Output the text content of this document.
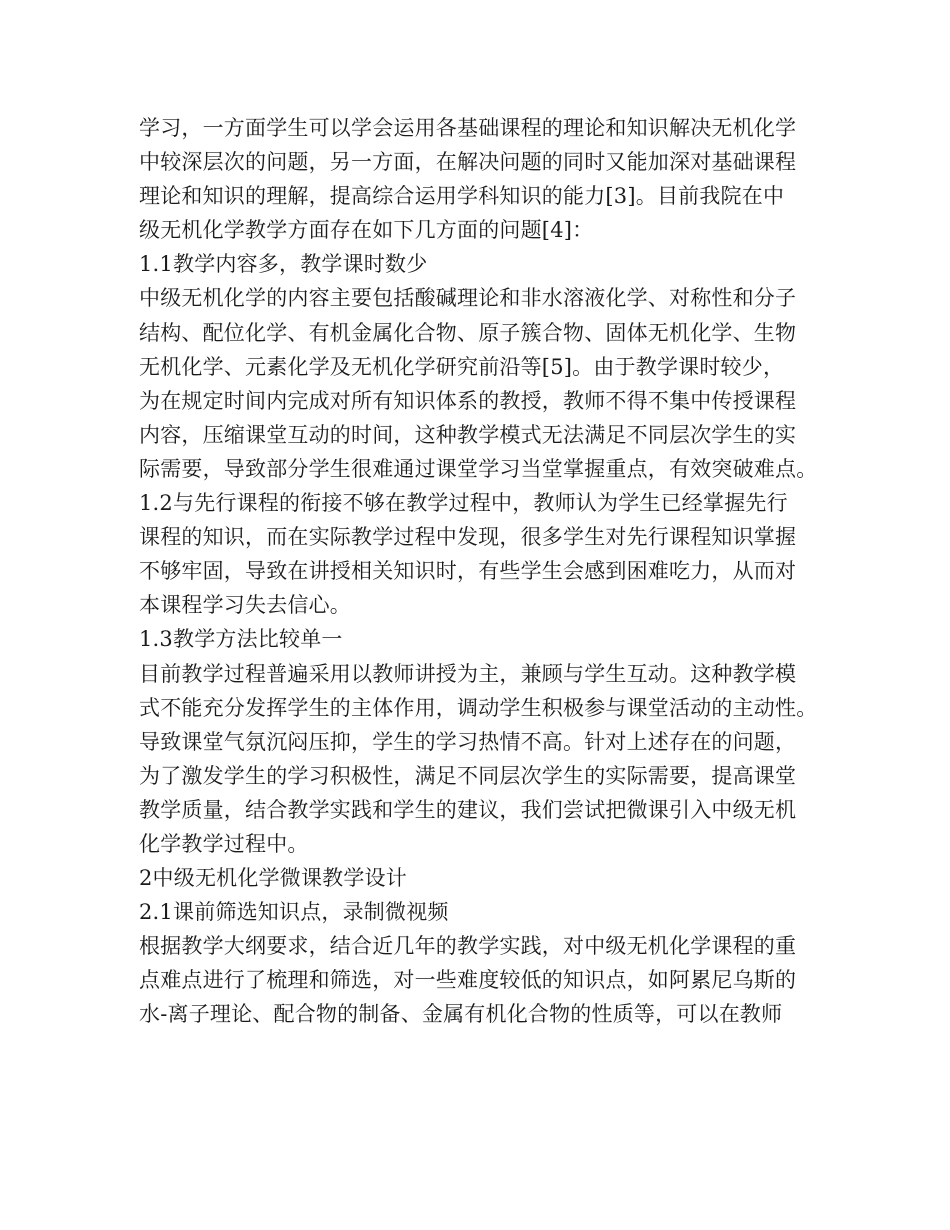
学习，一方面学生可以学会运用各基础课程的理论和知识解决无机化学
中较深层次的问题，另一方面，在解决问题的同时又能加深对基础课程
理论和知识的理解，提高综合运用学科知识的能力[3]。目前我院在中
级无机化学教学方面存在如下几方面的问题[4]：
1.1教学内容多，教学课时数少
中级无机化学的内容主要包括酸碱理论和非水溶液化学、对称性和分子
结构、配位化学、有机金属化合物、原子簇合物、固体无机化学、生物
无机化学、元素化学及无机化学研究前沿等[5]。由于教学课时较少，
为在规定时间内完成对所有知识体系的教授，教师不得不集中传授课程
内容，压缩课堂互动的时间，这种教学模式无法满足不同层次学生的实
际需要，导致部分学生很难通过课堂学习当堂掌握重点，有效突破难点。
1.2与先行课程的衔接不够在教学过程中，教师认为学生已经掌握先行
课程的知识，而在实际教学过程中发现，很多学生对先行课程知识掌握
不够牢固，导致在讲授相关知识时，有些学生会感到困难吃力，从而对
本课程学习失去信心。
1.3教学方法比较单一
目前教学过程普遍采用以教师讲授为主，兼顾与学生互动。这种教学模
式不能充分发挥学生的主体作用，调动学生积极参与课堂活动的主动性。
导致课堂气氛沉闷压抑，学生的学习热情不高。针对上述存在的问题，
为了激发学生的学习积极性，满足不同层次学生的实际需要，提高课堂
教学质量，结合教学实践和学生的建议，我们尝试把微课引入中级无机
化学教学过程中。
2中级无机化学微课教学设计
2.1课前筛选知识点，录制微视频
根据教学大纲要求，结合近几年的教学实践，对中级无机化学课程的重
点难点进行了梳理和筛选，对一些难度较低的知识点，如阿累尼乌斯的
水-离子理论、配合物的制备、金属有机化合物的性质等，可以在教师
